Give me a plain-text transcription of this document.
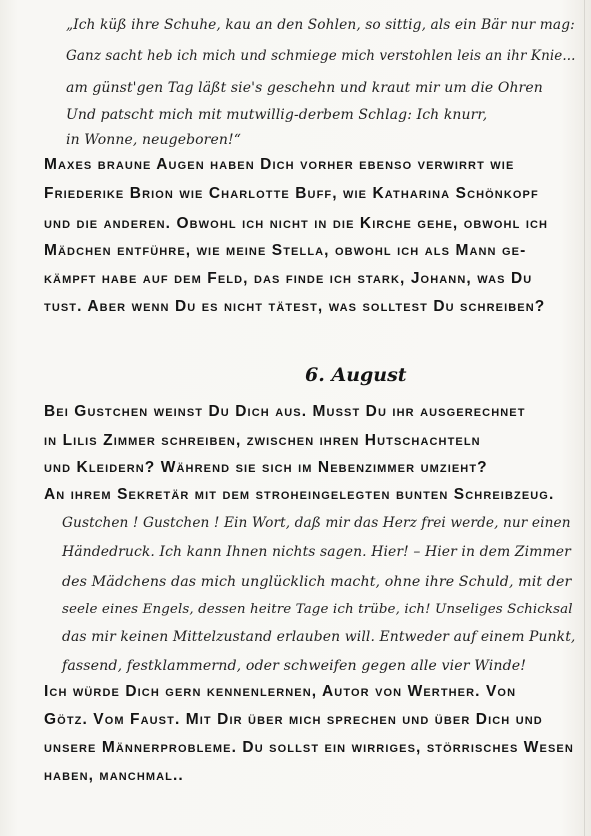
„Ich küß ihre Schuhe, kau an den Sohlen, so sittig, als ein Bär nur mag:
Ganz sacht heb ich mich und schmiege mich verstohlen leis an ihr Knie...
am günst'gen Tag läßt sie's geschehn und kraut mir um die Ohren
Und patscht mich mit mutwillig-derbem Schlag: Ich knurr,
in Wonne, neugeboren!“
Maxes braune Augen haben Dich vorher ebenso verwirrt wie
Friederike Brion wie Charlotte Buff, wie Katharina Schönkopf
und die anderen. Obwohl ich nicht in die Kirche gehe, obwohl ich
Mädchen entführe, wie meine Stella, obwohl ich als Mann ge-
kämpft habe auf dem Feld, das finde ich stark, Johann, was Du
tust. Aber wenn Du es nicht tätest, was solltest Du schreiben?
6. August
Bei Gustchen weinst Du Dich aus. Musst Du ihr ausgerechnet
in Lilis Zimmer schreiben, zwischen ihren Hutschachteln
und Kleidern? Während sie sich im Nebenzimmer umzieht?
An ihrem Sekretär mit dem stroheingelegten bunten Schreibzeug.
Gustchen ! Gustchen ! Ein Wort, daß mir das Herz frei werde, nur einen
Händedruck. Ich kann Ihnen nichts sagen. Hier! – Hier in dem Zimmer
des Mädchens das mich unglücklich macht, ohne ihre Schuld, mit der
seele eines Engels, dessen heitre Tage ich trübe, ich! Unseliges Schicksal
das mir keinen Mittelzustand erlauben will. Entweder auf einem Punkt,
fassend, festklammernd, oder schweifen gegen alle vier Winde!
Ich würde Dich gern kennenlernen, Autor von Werther. Von
Götz. Vom Faust. Mit Dir über mich sprechen und über Dich und
unsere Männerprobleme. Du sollst ein wirriges, störrisches Wesen
haben, manchmal..
